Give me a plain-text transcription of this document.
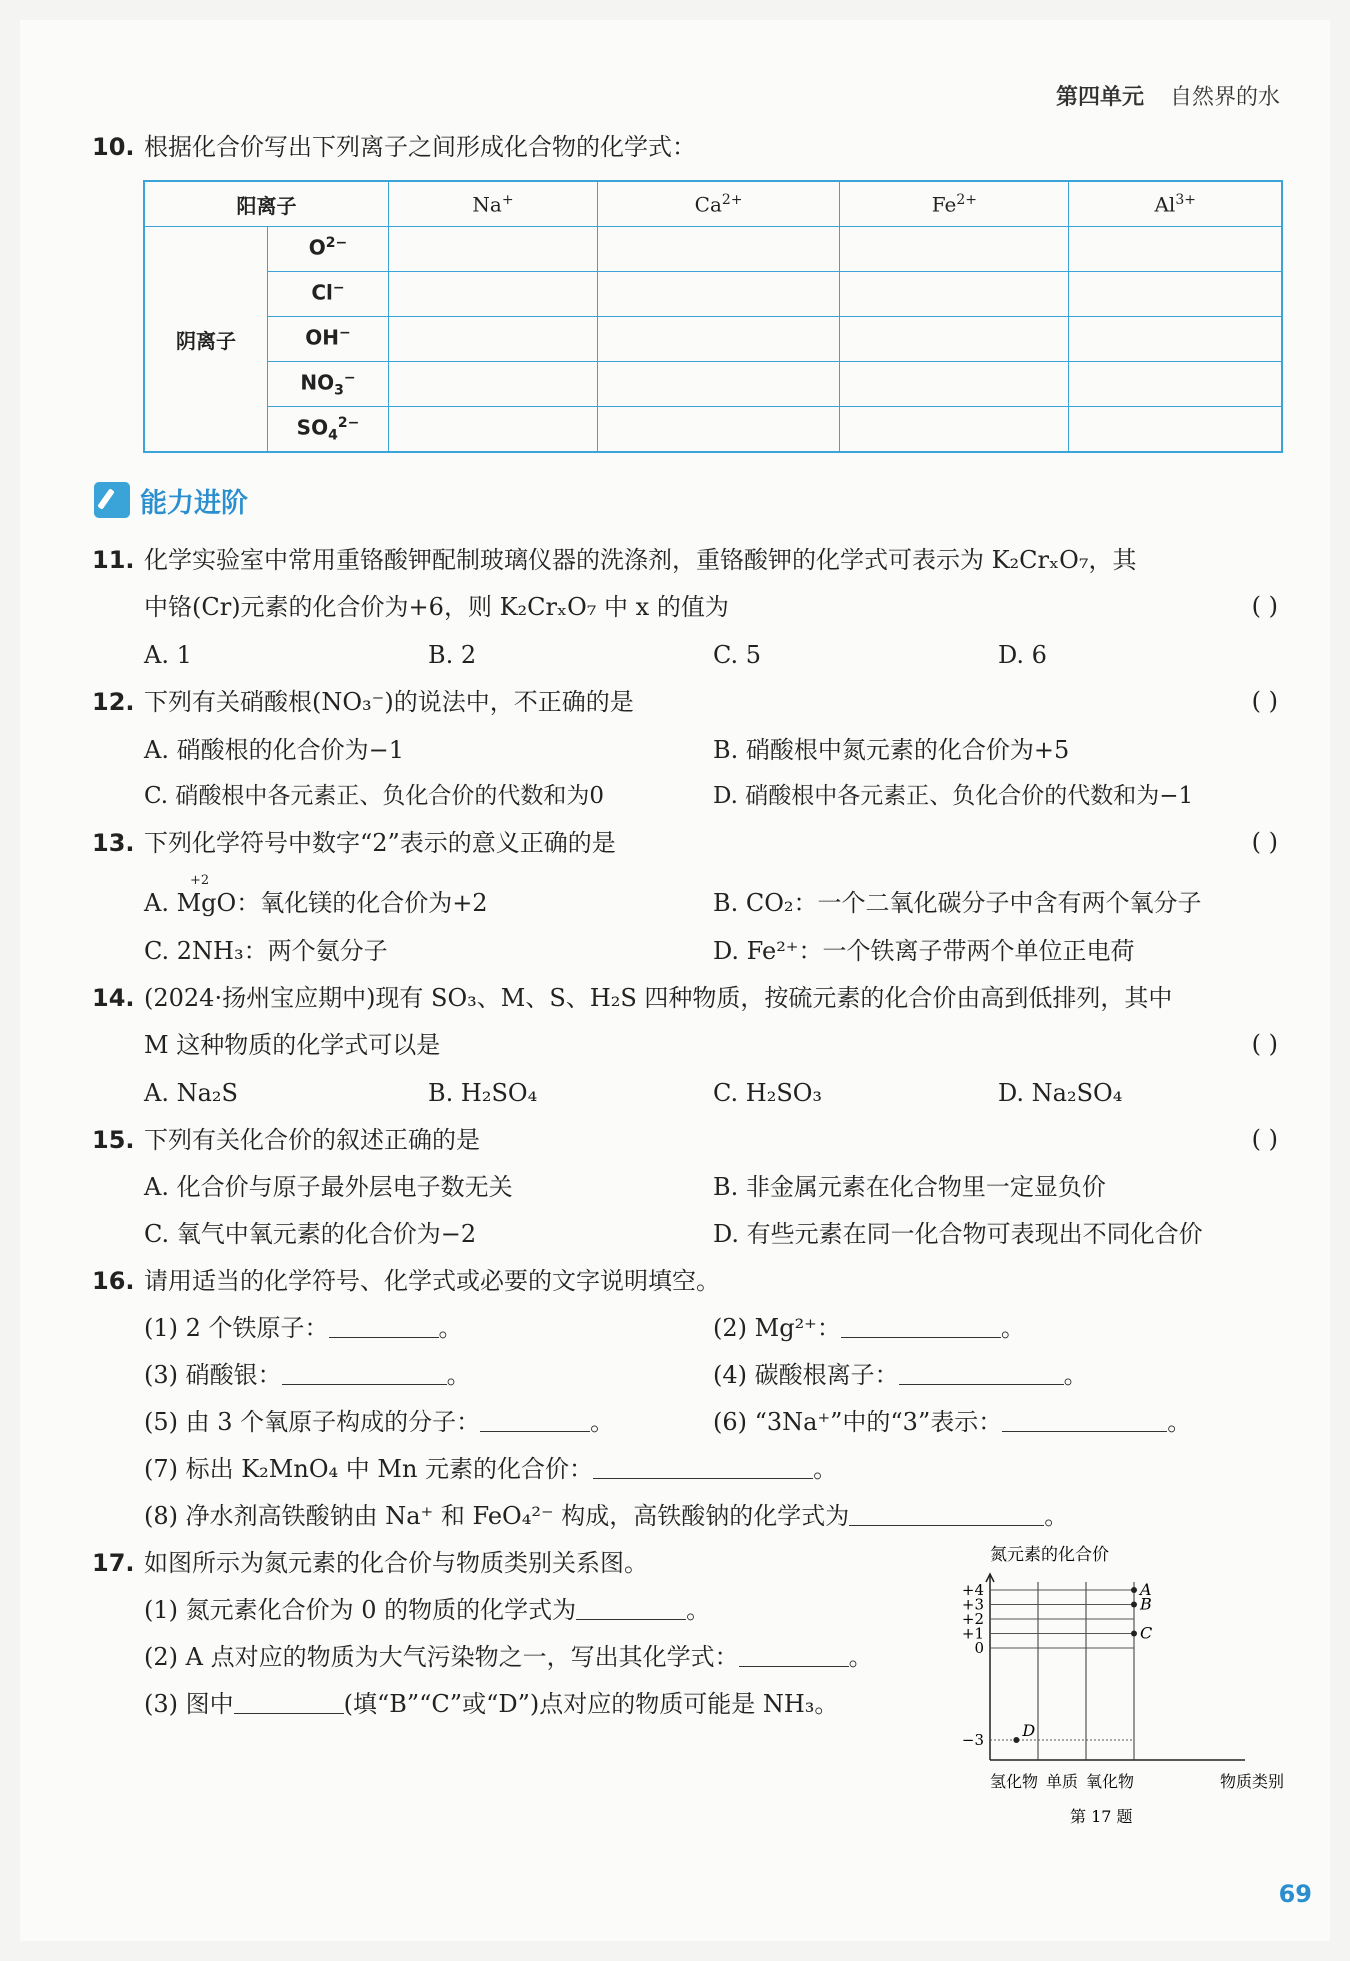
第四单元 自然界的水
10. 根据化合价写出下列离子之间形成化合物的化学式：
阳离子		Na+	$Ca^{2+}$	$Fe^{2+}$	$Al^{3+}$
阴离子	$O^{2-}$				
	Cl−				
	OH−				
	$NO_3^-$				
	$SO_4^{2-}$				
能力进阶
11. 化学实验室中常用重铬酸钾配制玻璃仪器的洗涤剂，重铬酸钾的化学式可表示为 K₂CrₓO₇，其
中铬(Cr)元素的化合价为+6，则 K₂CrₓO₇ 中 x 的值为	( )
A. 1	B. 2	C. 5	D. 6
12. 下列有关硝酸根(NO₃⁻)的说法中，不正确的是	( )
A. 硝酸根的化合价为−1	B. 硝酸根中氮元素的化合价为+5
C. 硝酸根中各元素正、负化合价的代数和为0	D. 硝酸根中各元素正、负化合价的代数和为−1
13. 下列化学符号中数字“2”表示的意义正确的是	( )
+2
A. MgO：氧化镁的化合价为+2	B. CO₂：一个二氧化碳分子中含有两个氧分子
C. 2NH₃：两个氨分子	D. Fe²⁺：一个铁离子带两个单位正电荷
14. (2024·扬州宝应期中)现有 SO₃、M、S、H₂S 四种物质，按硫元素的化合价由高到低排列，其中
M 这种物质的化学式可以是	( )
A. Na₂S	B. H₂SO₄	C. H₂SO₃	D. Na₂SO₄
15. 下列有关化合价的叙述正确的是	( )
A. 化合价与原子最外层电子数无关	B. 非金属元素在化合物里一定显负价
C. 氧气中氧元素的化合价为−2	D. 有些元素在同一化合物可表现出不同化合价
16. 请用适当的化学符号、化学式或必要的文字说明填空。
(1) 2 个铁原子：	。	(2) Mg²⁺：	。
(3) 硝酸银：	。	(4) 碳酸根离子：	。
(5) 由 3 个氧原子构成的分子：	。	(6) “3Na⁺”中的“3”表示：	。
(7) 标出 K₂MnO₄ 中 Mn 元素的化合价：	。
(8) 净水剂高铁酸钠由 Na⁺ 和 FeO₄²⁻ 构成，高铁酸钠的化学式为	。
17. 如图所示为氮元素的化合价与物质类别关系图。
(1) 氮元素化合价为 0 的物质的化学式为	。
(2) A 点对应的物质为大气污染物之一，写出其化学式：	。
(3) 图中	(填“B”“C”或“D”)点对应的物质可能是 NH₃。
氮元素的化合价
物质类别
第 17 题
+4
+3
+2
+1
0
−3
氢化物 单质 氧化物
A
B
C
D
69
